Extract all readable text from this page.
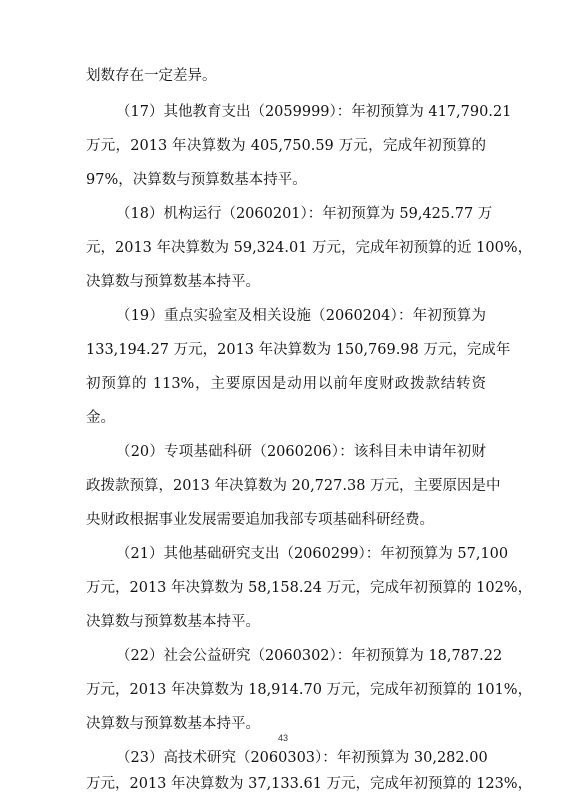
划数存在一定差异。
（17）其他教育支出（2059999）：年初预算为 417,790.21
万元，2013 年决算数为 405,750.59 万元，完成年初预算的
97%，决算数与预算数基本持平。
（18）机构运行（2060201）：年初预算为 59,425.77 万
元，2013 年决算数为 59,324.01 万元，完成年初预算的近 100%，
决算数与预算数基本持平。
（19）重点实验室及相关设施（2060204）：年初预算为
133,194.27 万元，2013 年决算数为 150,769.98 万元，完成年
初预算的 113%，主要原因是动用以前年度财政拨款结转资
金。
（20）专项基础科研（2060206）：该科目未申请年初财
政拨款预算，2013 年决算数为 20,727.38 万元，主要原因是中
央财政根据事业发展需要追加我部专项基础科研经费。
（21）其他基础研究支出（2060299）：年初预算为 57,100
万元，2013 年决算数为 58,158.24 万元，完成年初预算的 102%，
决算数与预算数基本持平。
（22）社会公益研究（2060302）：年初预算为 18,787.22
万元，2013 年决算数为 18,914.70 万元，完成年初预算的 101%，
决算数与预算数基本持平。
（23）高技术研究（2060303）：年初预算为 30,282.00
万元，2013 年决算数为 37,133.61 万元，完成年初预算的 123%，
43
